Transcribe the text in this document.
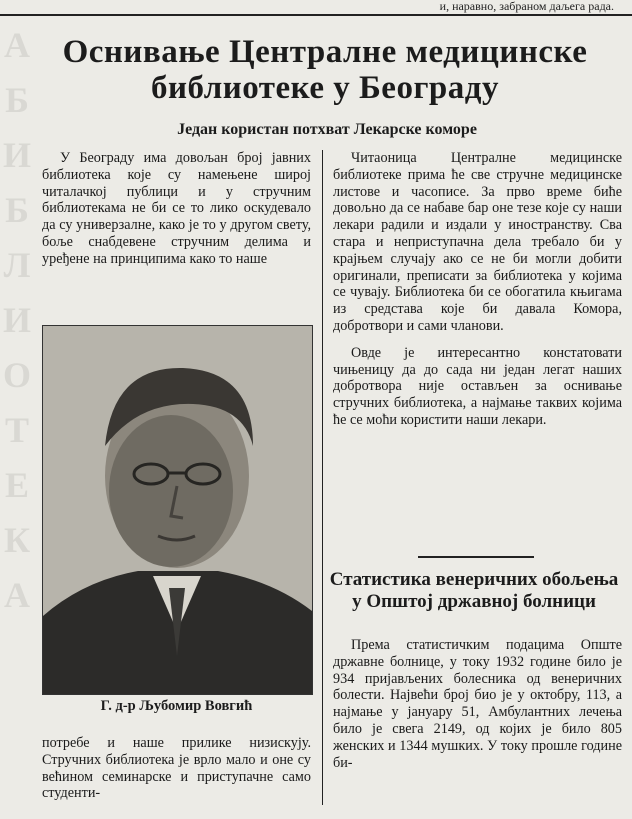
А
Б
И
Б
Л
И
О
Т
Е
К
А
и, наравно, забраном даљега рада.
Оснивање Централне медицинске библиотеке у Београду
Један користан потхват Лекарске коморе

У Београду има довољан број јавних библиотека које су намењене широј читалачкој публици и у стручним библиотекама не би се то лико оскудевало да су универзалне, како је то у другом свету, боље снабдевене стручним делима и уређене на принципима како то наше

Г. д-р Љубомир Вовгић

потребе и наше прилике низискују. Стручних библиотека је врло мало и оне су већином семинарске и приступачне само студенти-

Читаоница Централне медицинске библиотеке прима ће све стручне медицинске листове и часописе. За прво време биће довољно да се набаве бар оне тезе које су наши лекари радили и издали у иностранству. Сва стара и неприступачна дела требало би у крајњем случају ако се не би могли добити оригинали, преписати за библиотека у којима се чувају. Библиотека би се обогатила књигама из средстава које би давала Комора, добротвори и сами чланови.

Овде је интересантно констатовати чињеницу да до сада ни један легат наших добротвора није остављен за оснивање стручних библиотека, а најмање таквих којима ће се моћи користити наши лекари.

Статистика венеричних обољења у Општој државној болници

Према статистичким подацима Опште државне болнице, у току 1932 године било је 934 пријављених болесника од венеричних болести. Највећи број био је у октобру, 113, а најмање у јануару 51, Амбулантних лечења било је свега 2149, од којих је било 805 женских и 1344 мушких. У току прошле године би-
